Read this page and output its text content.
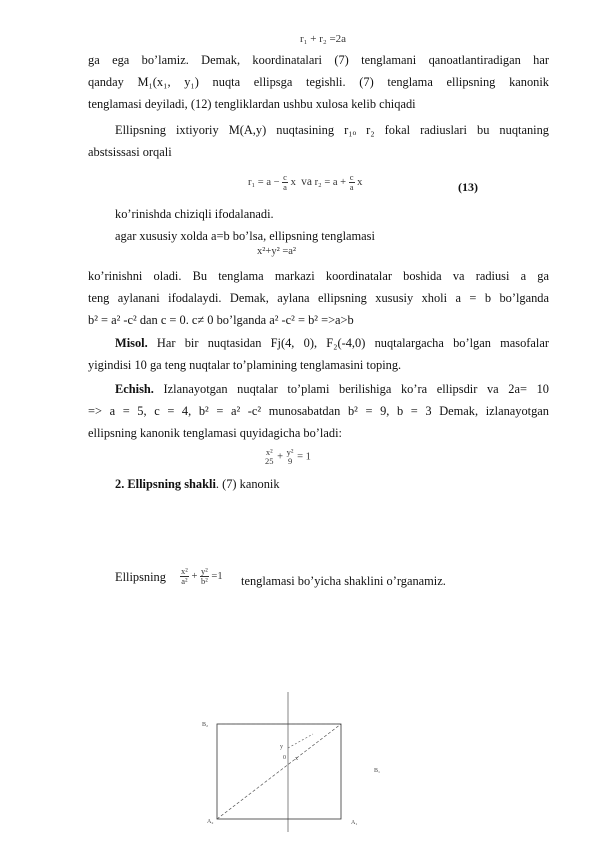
r₁ + r₂ =2a
ga ega bo’lamiz. Demak, koordinatalari (7) tenglamani qanoatlantiradigan har
qanday M₁(x₁, y₁) nuqta ellipsga tegishli. (7) tenglama ellipsning kanonik
tenglamasi deyiladi, (12) tengliklardan ushbu xulosa kelib chiqadi
Ellipsning ixtiyoriy M(A,y) nuqtasining r₁ₒ r₂ fokal radiuslari bu nuqtaning
abstsissasi orqali
$r_1 = a - \frac{c}{a}$ x va $r_2 = a + \frac{c}{a}$ x	(13)
ko’rinishda chiziqli ifodalanadi.
agar xususiy xolda a=b bo’lsa, ellipsning tenglamasi
x²+y² =a²
ko’rinishni oladi. Bu tenglama markazi koordinatalar boshida va radiusi a ga
teng aylanani ifodalaydi. Demak, aylana ellipsning xususiy xholi a = b bo’lganda
b² = a² -c² dan c = 0. c≠ 0 bo’lganda a² -c² = b² =>a>b
Misol. Har bir nuqtasidan Fj(4, 0), F₂(-4,0) nuqtalargacha bo’lgan masofalar
yigindisi 10 ga teng nuqtalar to’plamining tenglamasini toping.
Echish. Izlanayotgan nuqtalar to’plami berilishiga ko’ra ellipsdir va 2a= 10
=> a = 5, c = 4, b² = a² -c² munosabatdan b² = 9, b = 3 Demak, izlanayotgan
ellipsning kanonik tenglamasi quyidagicha bo’ladi:
x²
25 + y²
9 = 1
2. Ellipsning shakli. (7) kanonik
Ellipsning $\frac{\text{x²}}{\text{a²}} + \frac{\text{y²}}{\text{b²}} =1$ tenglamasi bo’yicha shaklini o’rganamiz.
B₂
A₂
y
0 x
B₁
A₁
